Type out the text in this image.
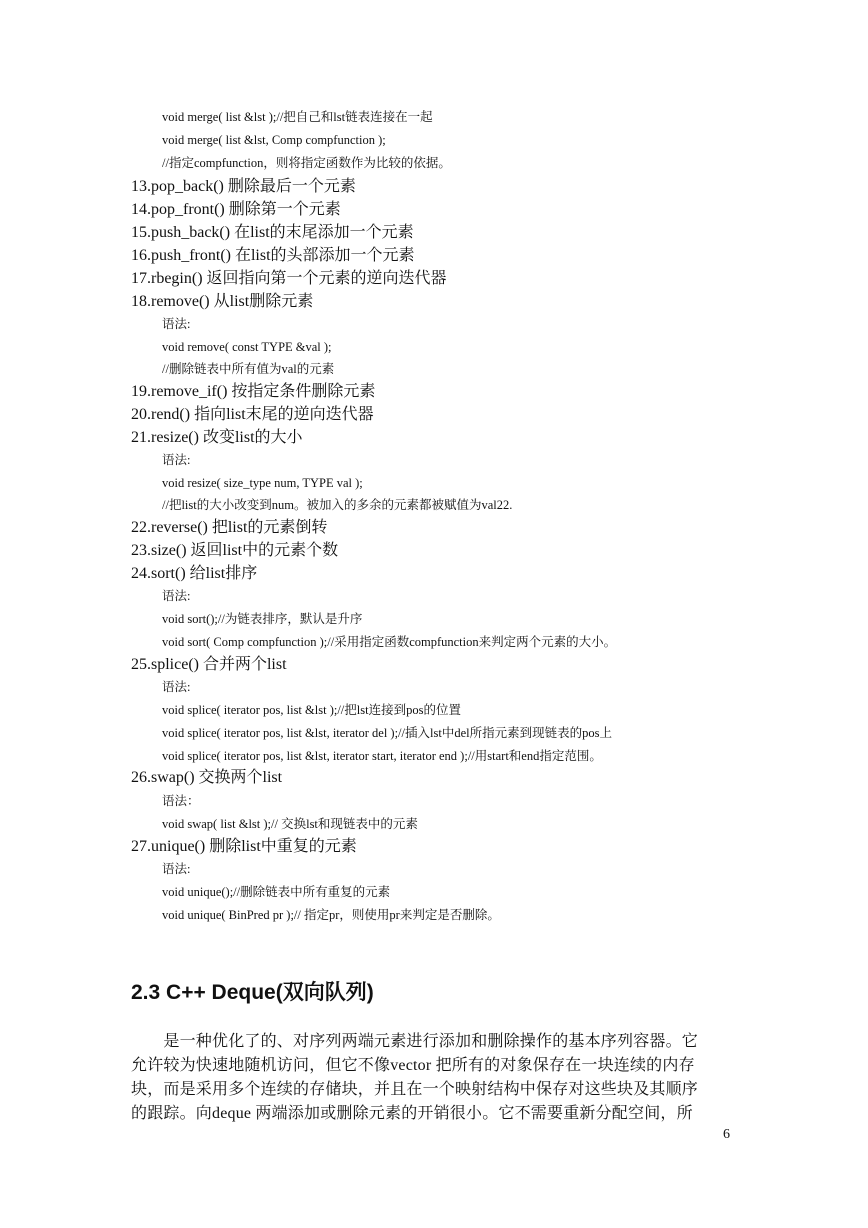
void merge( list &lst );//把自己和lst链表连接在一起
void merge( list &lst, Comp compfunction );
//指定compfunction，则将指定函数作为比较的依据。
13.pop_back() 删除最后一个元素
14.pop_front() 删除第一个元素
15.push_back() 在list的末尾添加一个元素
16.push_front() 在list的头部添加一个元素
17.rbegin() 返回指向第一个元素的逆向迭代器
18.remove() 从list删除元素
语法:
void remove( const TYPE &val );
//删除链表中所有值为val的元素
19.remove_if() 按指定条件删除元素
20.rend() 指向list末尾的逆向迭代器
21.resize() 改变list的大小
语法:
void resize( size_type num, TYPE val );
//把list的大小改变到num。被加入的多余的元素都被赋值为val22.
22.reverse() 把list的元素倒转
23.size() 返回list中的元素个数
24.sort() 给list排序
语法:
void sort();//为链表排序，默认是升序
void sort( Comp compfunction );//采用指定函数compfunction来判定两个元素的大小。
25.splice() 合并两个list
语法:
void splice( iterator pos, list &lst );//把lst连接到pos的位置
void splice( iterator pos, list &lst, iterator del );//插入lst中del所指元素到现链表的pos上
void splice( iterator pos, list &lst, iterator start, iterator end );//用start和end指定范围。
26.swap() 交换两个list
语法：
void swap( list &lst );// 交换lst和现链表中的元素
27.unique() 删除list中重复的元素
语法:
void unique();//删除链表中所有重复的元素
void unique( BinPred pr );// 指定pr，则使用pr来判定是否删除。
2.3 C++ Deque(双向队列)
　　是一种优化了的、对序列两端元素进行添加和删除操作的基本序列容器。它
允许较为快速地随机访问，但它不像vector 把所有的对象保存在一块连续的内存
块，而是采用多个连续的存储块，并且在一个映射结构中保存对这些块及其顺序
的跟踪。向deque 两端添加或删除元素的开销很小。它不需要重新分配空间，所
6
